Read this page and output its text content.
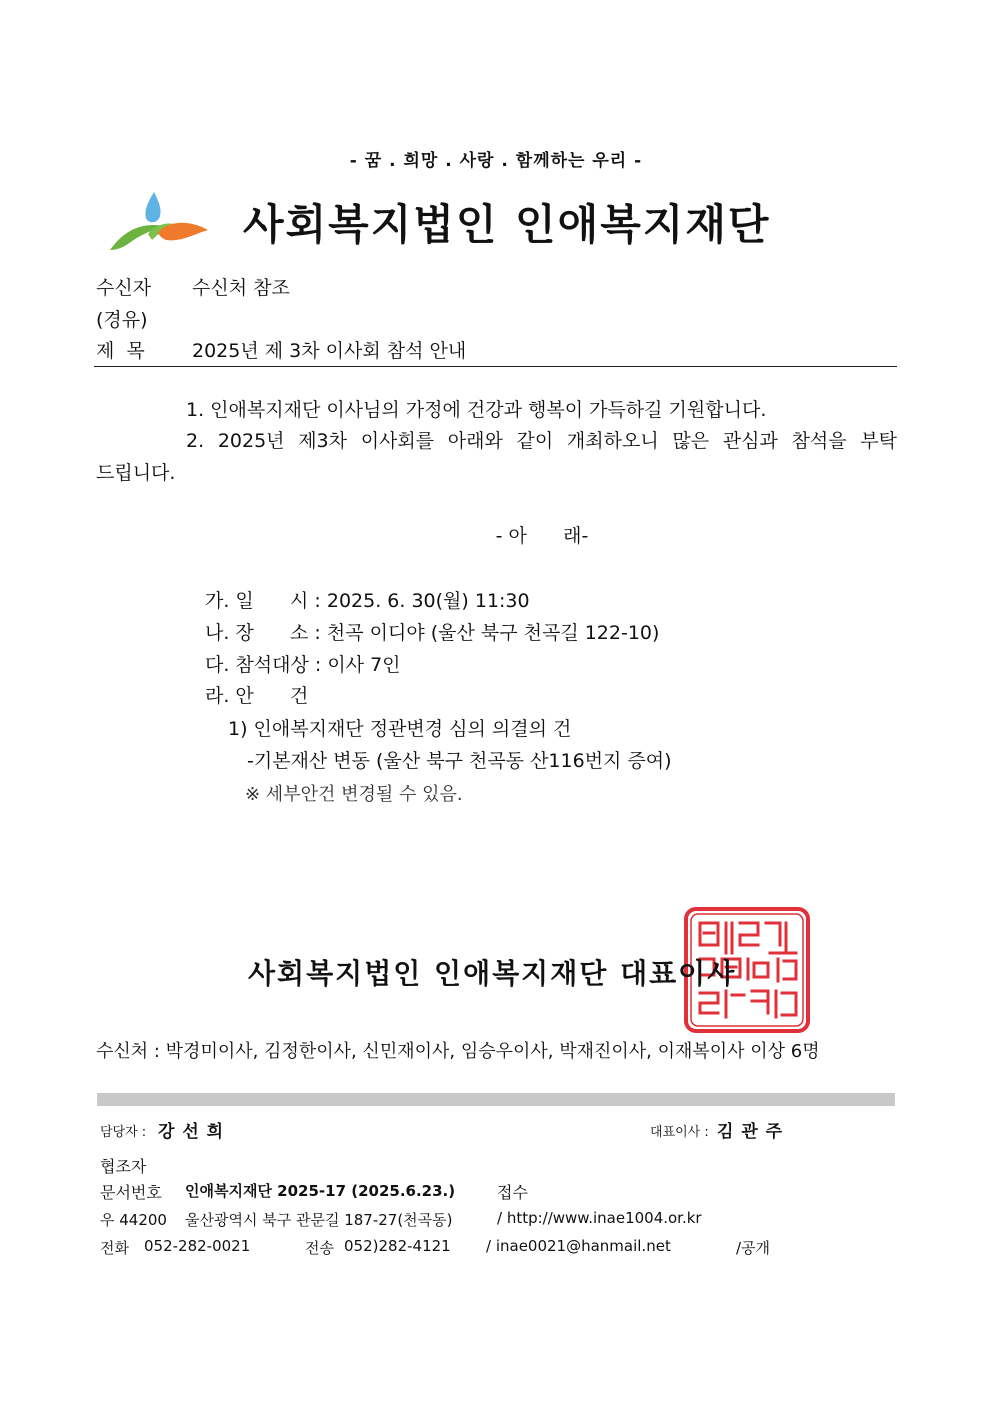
- 꿈 . 희망 . 사랑 . 함께하는 우리 -
사회복지법인 인애복지재단
수신자 수신처 참조
(경유)
제  목 2025년 제 3차 이사회 참석 안내
1. 인애복지재단 이사님의 가정에 건강과 행복이 가득하길 기원합니다.
2. 2025년 제3차 이사회를 아래와 같이 개최하오니 많은 관심과 참석을 부탁
드립니다.
- 아      래-
가. 일      시 : 2025. 6. 30(월) 11:30
나. 장      소 : 천곡 이디야 (울산 북구 천곡길 122-10)
다. 참석대상 : 이사 7인
라. 안      건
1) 인애복지재단 정관변경 심의 의결의 건
-기본재산 변동 (울산 북구 천곡동 산116번지 증여)
※ 세부안건 변경될 수 있음.
사회복지법인 인애복지재단 대표이사
수신처 : 박경미이사, 김정한이사, 신민재이사, 임승우이사, 박재진이사, 이재복이사 이상 6명
담당자 : 강 선 희	대표이사 : 김 관 주
협조자
문서번호 인애복지재단 2025-17 (2025.6.23.)	접수
우 44200 울산광역시 북구 관문길 187-27(천곡동)	/ http://www.inae1004.or.kr
전화 052-282-0021	전송 052)282-4121 / inae0021@hanmail.net	/공개
